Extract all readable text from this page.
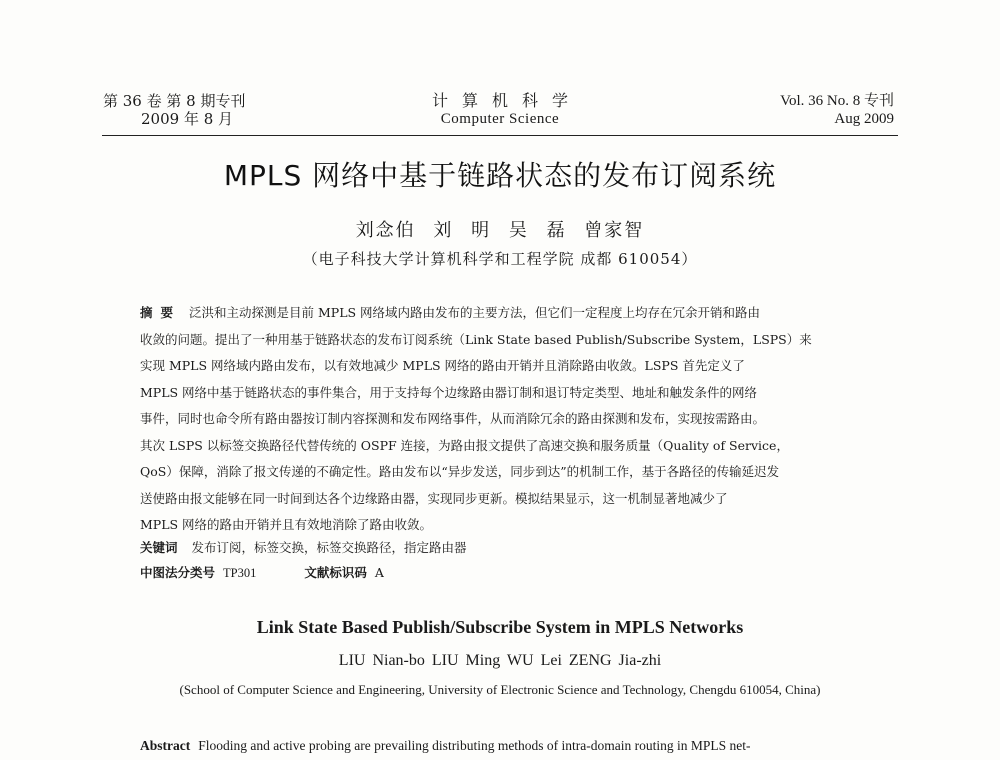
第 36 卷 第 8 期专刊
2009 年 8 月
计算机科学
Computer Science
Vol. 36 No. 8 专刊
Aug 2009
MPLS 网络中基于链路状态的发布订阅系统
刘念伯 刘 明 吴 磊 曾家智
（电子科技大学计算机科学和工程学院 成都 610054）
摘要 泛洪和主动探测是目前 MPLS 网络域内路由发布的主要方法，但它们一定程度上均存在冗余开销和路由
收敛的问题。提出了一种用基于链路状态的发布订阅系统（Link State based Publish/Subscribe System，LSPS）来
实现 MPLS 网络域内路由发布，以有效地减少 MPLS 网络的路由开销并且消除路由收敛。LSPS 首先定义了
MPLS 网络中基于链路状态的事件集合，用于支持每个边缘路由器订制和退订特定类型、地址和触发条件的网络
事件，同时也命令所有路由器按订制内容探测和发布网络事件，从而消除冗余的路由探测和发布，实现按需路由。
其次 LSPS 以标签交换路径代替传统的 OSPF 连接，为路由报文提供了高速交换和服务质量（Quality of Service，
QoS）保障，消除了报文传递的不确定性。路由发布以“异步发送，同步到达”的机制工作，基于各路径的传输延迟发
送使路由报文能够在同一时间到达各个边缘路由器，实现同步更新。模拟结果显示，这一机制显著地减少了
MPLS 网络的路由开销并且有效地消除了路由收敛。
关键词 发布订阅，标签交换，标签交换路径，指定路由器
中图法分类号 TP301	文献标识码 A
Link State Based Publish/Subscribe System in MPLS Networks
LIU Nian-bo LIU Ming WU Lei ZENG Jia-zhi
(School of Computer Science and Engineering, University of Electronic Science and Technology, Chengdu 610054, China)
Abstract Flooding and active probing are prevailing distributing methods of intra-domain routing in MPLS net-
